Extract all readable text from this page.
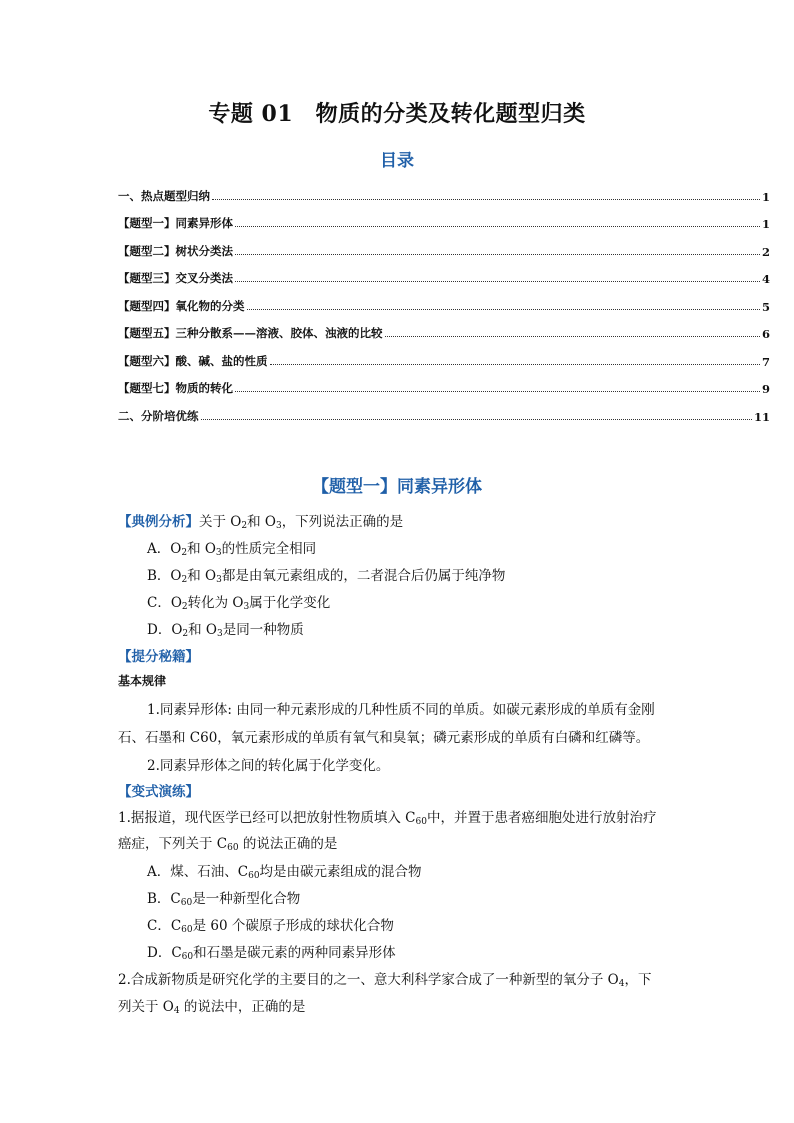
专题 01　物质的分类及转化题型归类
目录
一、热点题型归纳	1
【题型一】同素异形体	1
【题型二】树状分类法	2
【题型三】交叉分类法	4
【题型四】氧化物的分类	5
【题型五】三种分散系——溶液、胶体、浊液的比较	6
【题型六】酸、碱、盐的性质	7
【题型七】物质的转化	9
二、分阶培优练	11
【题型一】同素异形体
【典例分析】关于 $O_2$和 $O_3$，下列说法正确的是
A．$O_2$和 $O_3$的性质完全相同
B．$O_2$和 $O_3$都是由氧元素组成的，二者混合后仍属于纯净物
C．$O_2$转化为 $O_3$属于化学变化
D．$O_2$和 $O_3$是同一种物质
【提分秘籍】
基本规律
1.同素异形体: 由同一种元素形成的几种性质不同的单质。如碳元素形成的单质有金刚
石、石墨和 C60，氧元素形成的单质有氧气和臭氧；磷元素形成的单质有白磷和红磷等。
2.同素异形体之间的转化属于化学变化。
【变式演练】
1.据报道，现代医学已经可以把放射性物质填入 $C_{60}$中，并置于患者癌细胞处进行放射治疗
癌症，下列关于 $C_{60}$ 的说法正确的是
A．煤、石油、$C_{60}$均是由碳元素组成的混合物
B．$C_{60}$是一种新型化合物
C．$C_{60}$是 60 个碳原子形成的球状化合物
D．$C_{60}$和石墨是碳元素的两种同素异形体
2.合成新物质是研究化学的主要目的之一、意大利科学家合成了一种新型的氧分子 $O_4$，下
列关于 $O_4$ 的说法中，正确的是
